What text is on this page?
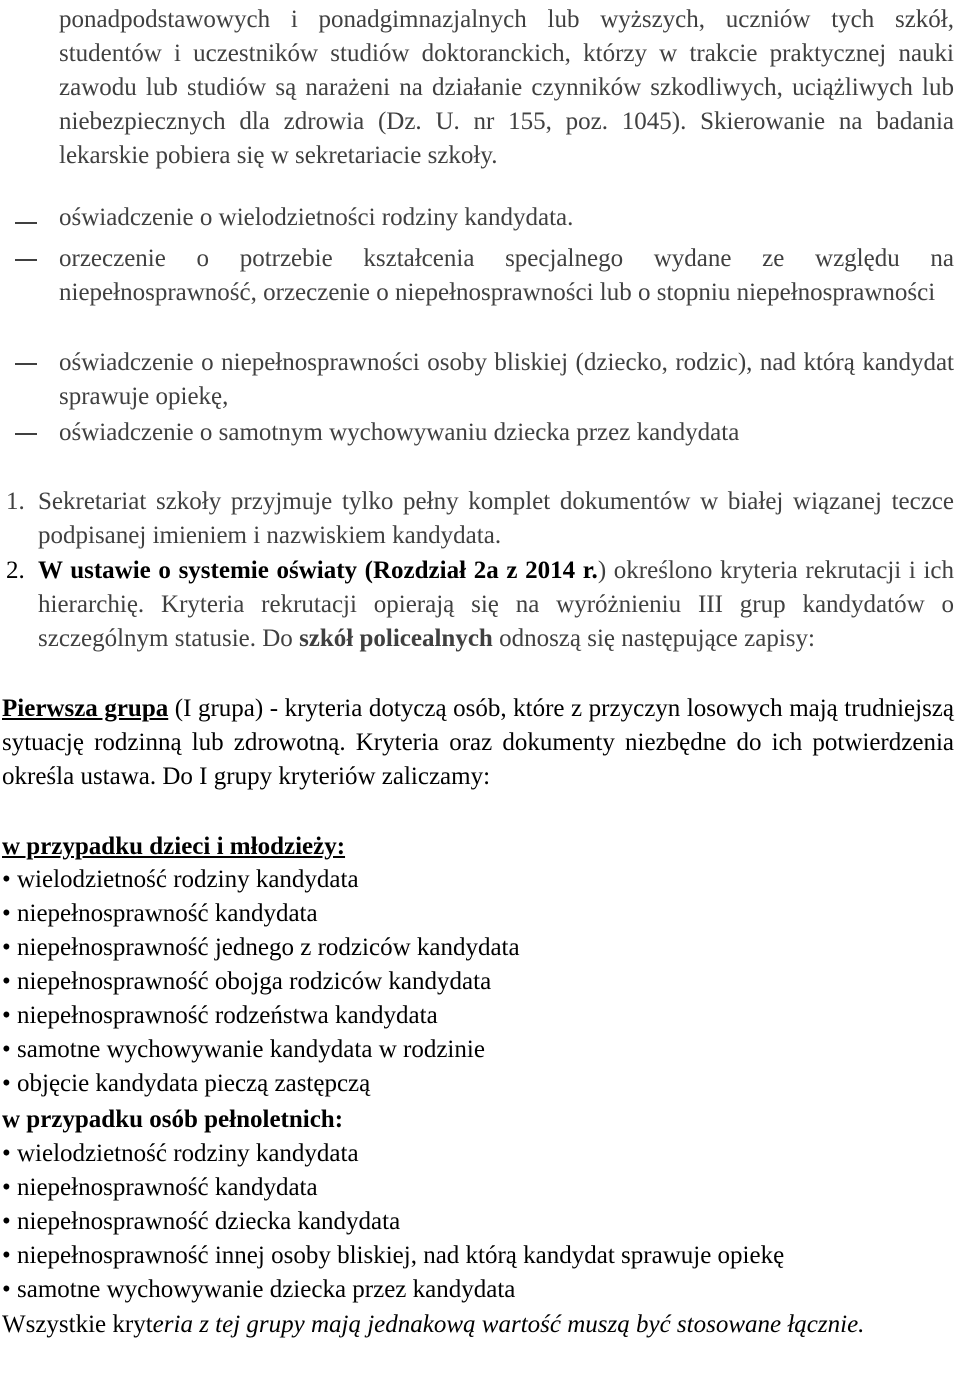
ponadpodstawowych i ponadgimnazjalnych lub wyższych, uczniów tych szkół, studentów i uczestników studiów doktoranckich, którzy w trakcie praktycznej nauki zawodu lub studiów są narażeni na działanie czynników szkodliwych, uciążliwych lub niebezpiecznych dla zdrowia (Dz. U. nr 155, poz. 1045). Skierowanie na badania lekarskie pobiera się w sekretariacie szkoły.
oświadczenie o wielodzietności rodziny kandydata.
orzeczenie o potrzebie kształcenia specjalnego wydane ze względu na niepełnosprawność, orzeczenie o niepełnosprawności lub o stopniu niepełnosprawności
oświadczenie o niepełnosprawności osoby bliskiej (dziecko, rodzic), nad którą kandydat sprawuje opiekę,
oświadczenie o samotnym wychowywaniu dziecka przez kandydata
1. Sekretariat szkoły przyjmuje tylko pełny komplet dokumentów w białej wiązanej teczce podpisanej imieniem i nazwiskiem kandydata.
2. W ustawie o systemie oświaty (Rozdział 2a z 2014 r.) określono kryteria rekrutacji i ich hierarchię. Kryteria rekrutacji opierają się na wyróżnieniu III grup kandydatów o szczególnym statusie. Do szkół policealnych odnoszą się następujące zapisy:
Pierwsza grupa (I grupa) - kryteria dotyczą osób, które z przyczyn losowych mają trudniejszą sytuację rodzinną lub zdrowotną. Kryteria oraz dokumenty niezbędne do ich potwierdzenia określa ustawa. Do I grupy kryteriów zaliczamy:
w przypadku dzieci i młodzieży:
• wielodzietność rodziny kandydata
• niepełnosprawność kandydata
• niepełnosprawność jednego z rodziców kandydata
• niepełnosprawność obojga rodziców kandydata
• niepełnosprawność rodzeństwa kandydata
• samotne wychowywanie kandydata w rodzinie
• objęcie kandydata pieczą zastępczą
w przypadku osób pełnoletnich:
• wielodzietność rodziny kandydata
• niepełnosprawność kandydata
• niepełnosprawność dziecka kandydata
• niepełnosprawność innej osoby bliskiej, nad którą kandydat sprawuje opiekę
• samotne wychowywanie dziecka przez kandydata
Wszystkie kryteria z tej grupy mają jednakową wartość muszą być stosowane łącznie.
